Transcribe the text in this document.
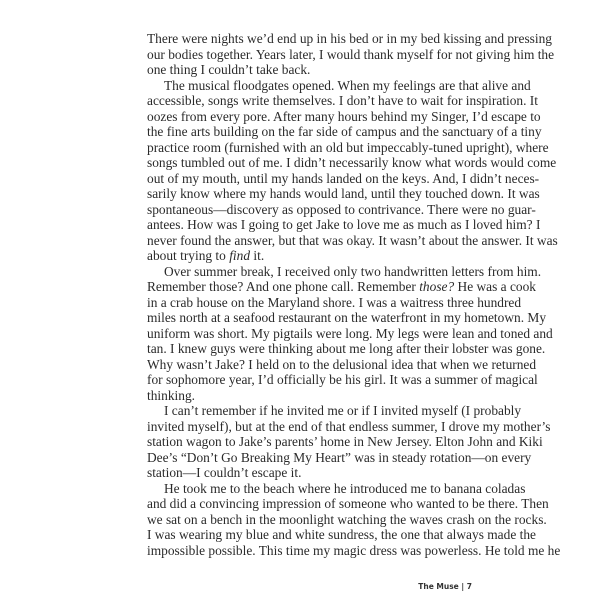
There were nights we’d end up in his bed or in my bed kissing and pressing
our bodies together. Years later, I would thank myself for not giving him the
one thing I couldn’t take back.
The musical floodgates opened. When my feelings are that alive and
accessible, songs write themselves. I don’t have to wait for inspiration. It
oozes from every pore. After many hours behind my Singer, I’d escape to
the fine arts building on the far side of campus and the sanctuary of a tiny
practice room (furnished with an old but impeccably-tuned upright), where
songs tumbled out of me. I didn’t necessarily know what words would come
out of my mouth, until my hands landed on the keys. And, I didn’t neces-
sarily know where my hands would land, until they touched down. It was
spontaneous—discovery as opposed to contrivance. There were no guar-
antees. How was I going to get Jake to love me as much as I loved him? I
never found the answer, but that was okay. It wasn’t about the answer. It was
about trying to find it.
Over summer break, I received only two handwritten letters from him.
Remember those? And one phone call. Remember those? He was a cook
in a crab house on the Maryland shore. I was a waitress three hundred
miles north at a seafood restaurant on the waterfront in my hometown. My
uniform was short. My pigtails were long. My legs were lean and toned and
tan. I knew guys were thinking about me long after their lobster was gone.
Why wasn’t Jake? I held on to the delusional idea that when we returned
for sophomore year, I’d officially be his girl. It was a summer of magical
thinking.
I can’t remember if he invited me or if I invited myself (I probably
invited myself), but at the end of that endless summer, I drove my mother’s
station wagon to Jake’s parents’ home in New Jersey. Elton John and Kiki
Dee’s “Don’t Go Breaking My Heart” was in steady rotation—on every
station—I couldn’t escape it.
He took me to the beach where he introduced me to banana coladas
and did a convincing impression of someone who wanted to be there. Then
we sat on a bench in the moonlight watching the waves crash on the rocks.
I was wearing my blue and white sundress, the one that always made the
impossible possible. This time my magic dress was powerless. He told me he
The Muse | 7
